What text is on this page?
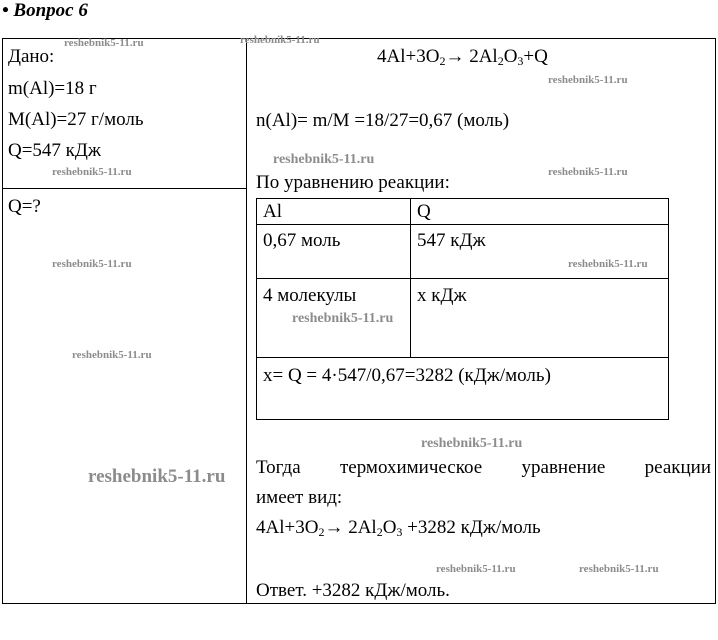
• Вопрос 6
Дано:
m(Al)=18 г
M(Al)=27 г/моль
Q=547 кДж
Q=?
$4Al+3O_2\to 2Al_2O_3+Q$
n(Al)= m/M =18/27=0,67 (моль)
По уравнению реакции:
Al	Q
0,67 моль	547 кДж
4 молекулы	х кДж
х= Q = 4·547/0,67=3282 (кДж/моль)
Тогда термохимическое уравнение реакции
имеет вид:
$4Al+3O_2\to 2Al_2O_3 +3282$ кДж/моль
Ответ. +3282 кДж/моль.
reshebnik5-11.ru	reshebnik5-11.ru
reshebnik5-11.ru
reshebnik5-11.ru
reshebnik5-11.ru
reshebnik5-11.ru
reshebnik5-11.ru	reshebnik5-11.ru
reshebnik5-11.ru
reshebnik5-11.ru
reshebnik5-11.ru
reshebnik5-11.ru
reshebnik5-11.ru	reshebnik5-11.ru
